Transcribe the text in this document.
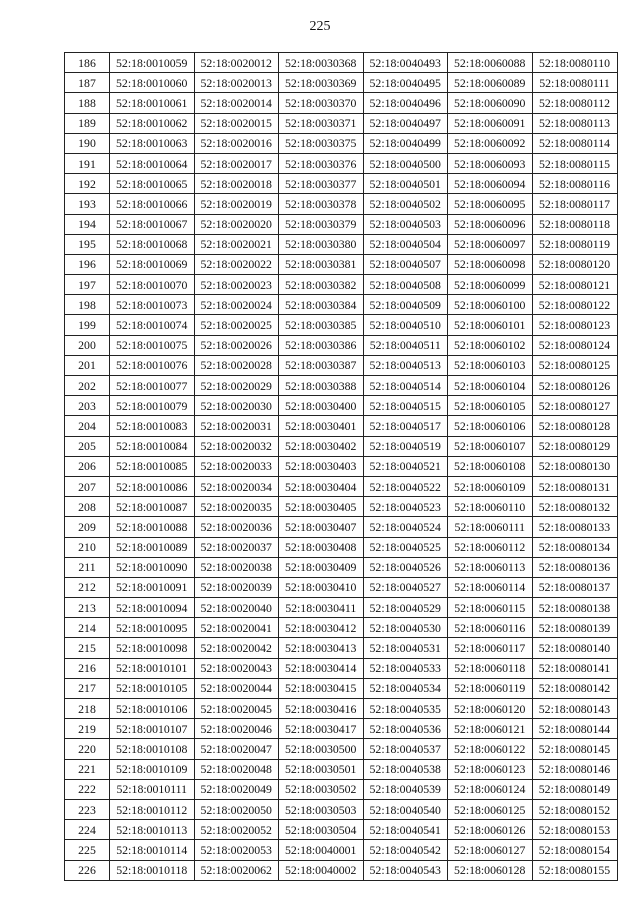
225
186	52:18:0010059	52:18:0020012	52:18:0030368	52:18:0040493	52:18:0060088	52:18:0080110
187	52:18:0010060	52:18:0020013	52:18:0030369	52:18:0040495	52:18:0060089	52:18:0080111
188	52:18:0010061	52:18:0020014	52:18:0030370	52:18:0040496	52:18:0060090	52:18:0080112
189	52:18:0010062	52:18:0020015	52:18:0030371	52:18:0040497	52:18:0060091	52:18:0080113
190	52:18:0010063	52:18:0020016	52:18:0030375	52:18:0040499	52:18:0060092	52:18:0080114
191	52:18:0010064	52:18:0020017	52:18:0030376	52:18:0040500	52:18:0060093	52:18:0080115
192	52:18:0010065	52:18:0020018	52:18:0030377	52:18:0040501	52:18:0060094	52:18:0080116
193	52:18:0010066	52:18:0020019	52:18:0030378	52:18:0040502	52:18:0060095	52:18:0080117
194	52:18:0010067	52:18:0020020	52:18:0030379	52:18:0040503	52:18:0060096	52:18:0080118
195	52:18:0010068	52:18:0020021	52:18:0030380	52:18:0040504	52:18:0060097	52:18:0080119
196	52:18:0010069	52:18:0020022	52:18:0030381	52:18:0040507	52:18:0060098	52:18:0080120
197	52:18:0010070	52:18:0020023	52:18:0030382	52:18:0040508	52:18:0060099	52:18:0080121
198	52:18:0010073	52:18:0020024	52:18:0030384	52:18:0040509	52:18:0060100	52:18:0080122
199	52:18:0010074	52:18:0020025	52:18:0030385	52:18:0040510	52:18:0060101	52:18:0080123
200	52:18:0010075	52:18:0020026	52:18:0030386	52:18:0040511	52:18:0060102	52:18:0080124
201	52:18:0010076	52:18:0020028	52:18:0030387	52:18:0040513	52:18:0060103	52:18:0080125
202	52:18:0010077	52:18:0020029	52:18:0030388	52:18:0040514	52:18:0060104	52:18:0080126
203	52:18:0010079	52:18:0020030	52:18:0030400	52:18:0040515	52:18:0060105	52:18:0080127
204	52:18:0010083	52:18:0020031	52:18:0030401	52:18:0040517	52:18:0060106	52:18:0080128
205	52:18:0010084	52:18:0020032	52:18:0030402	52:18:0040519	52:18:0060107	52:18:0080129
206	52:18:0010085	52:18:0020033	52:18:0030403	52:18:0040521	52:18:0060108	52:18:0080130
207	52:18:0010086	52:18:0020034	52:18:0030404	52:18:0040522	52:18:0060109	52:18:0080131
208	52:18:0010087	52:18:0020035	52:18:0030405	52:18:0040523	52:18:0060110	52:18:0080132
209	52:18:0010088	52:18:0020036	52:18:0030407	52:18:0040524	52:18:0060111	52:18:0080133
210	52:18:0010089	52:18:0020037	52:18:0030408	52:18:0040525	52:18:0060112	52:18:0080134
211	52:18:0010090	52:18:0020038	52:18:0030409	52:18:0040526	52:18:0060113	52:18:0080136
212	52:18:0010091	52:18:0020039	52:18:0030410	52:18:0040527	52:18:0060114	52:18:0080137
213	52:18:0010094	52:18:0020040	52:18:0030411	52:18:0040529	52:18:0060115	52:18:0080138
214	52:18:0010095	52:18:0020041	52:18:0030412	52:18:0040530	52:18:0060116	52:18:0080139
215	52:18:0010098	52:18:0020042	52:18:0030413	52:18:0040531	52:18:0060117	52:18:0080140
216	52:18:0010101	52:18:0020043	52:18:0030414	52:18:0040533	52:18:0060118	52:18:0080141
217	52:18:0010105	52:18:0020044	52:18:0030415	52:18:0040534	52:18:0060119	52:18:0080142
218	52:18:0010106	52:18:0020045	52:18:0030416	52:18:0040535	52:18:0060120	52:18:0080143
219	52:18:0010107	52:18:0020046	52:18:0030417	52:18:0040536	52:18:0060121	52:18:0080144
220	52:18:0010108	52:18:0020047	52:18:0030500	52:18:0040537	52:18:0060122	52:18:0080145
221	52:18:0010109	52:18:0020048	52:18:0030501	52:18:0040538	52:18:0060123	52:18:0080146
222	52:18:0010111	52:18:0020049	52:18:0030502	52:18:0040539	52:18:0060124	52:18:0080149
223	52:18:0010112	52:18:0020050	52:18:0030503	52:18:0040540	52:18:0060125	52:18:0080152
224	52:18:0010113	52:18:0020052	52:18:0030504	52:18:0040541	52:18:0060126	52:18:0080153
225	52:18:0010114	52:18:0020053	52:18:0040001	52:18:0040542	52:18:0060127	52:18:0080154
226	52:18:0010118	52:18:0020062	52:18:0040002	52:18:0040543	52:18:0060128	52:18:0080155
